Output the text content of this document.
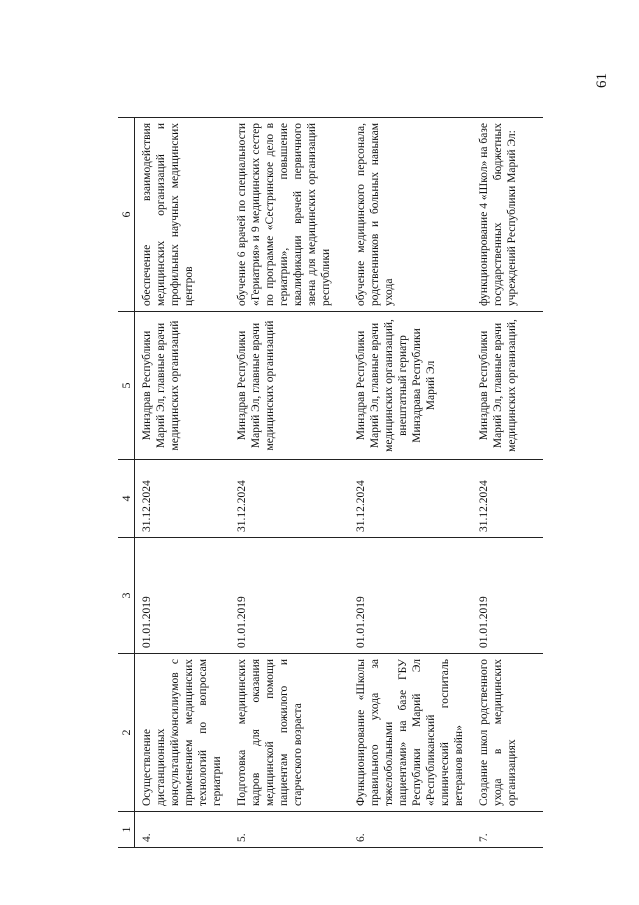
61
1	2	3	4	5	6
4.	Осуществление дистанционных консультаций/консилиумов с применением медицинских технологий по вопросам гериатрии	01.01.2019	31.12.2024	Минздрав Республики Марий Эл, главные врачи медицинских организаций	обеспечение взаимодействия медицинских организаций и профильных научных медицинских центров
5.	Подготовка медицинских кадров для оказания медицинской помощи пациентам пожилого и старческого возраста	01.01.2019	31.12.2024	Минздрав Республики Марий Эл, главные врачи медицинских организаций	обучение 6 врачей по специальности «Гериатрия» и 9 медицинских сестер по программе «Сестринское дело в гериатрии», повышение квалификации врачей первичного звена для медицинских организаций республики
6.	Функционирование «Школы правильного ухода за тяжелобольными пациентами» на базе ГБУ Республики Марий Эл «Республиканский клинический госпиталь ветеранов войн»	01.01.2019	31.12.2024	Минздрав Республики Марий Эл, главные врачи медицинских организаций, внештатный гериатр Минздрава Республики Марий Эл	обучение медицинского персонала, родственников и больных навыкам ухода
7.	Создание школ родственного ухода в медицинских организациях	01.01.2019	31.12.2024	Минздрав Республики Марий Эл, главные врачи медицинских организаций,	функционирование 4 «Школ» на базе государственных бюджетных учреждений Республики Марий Эл:
